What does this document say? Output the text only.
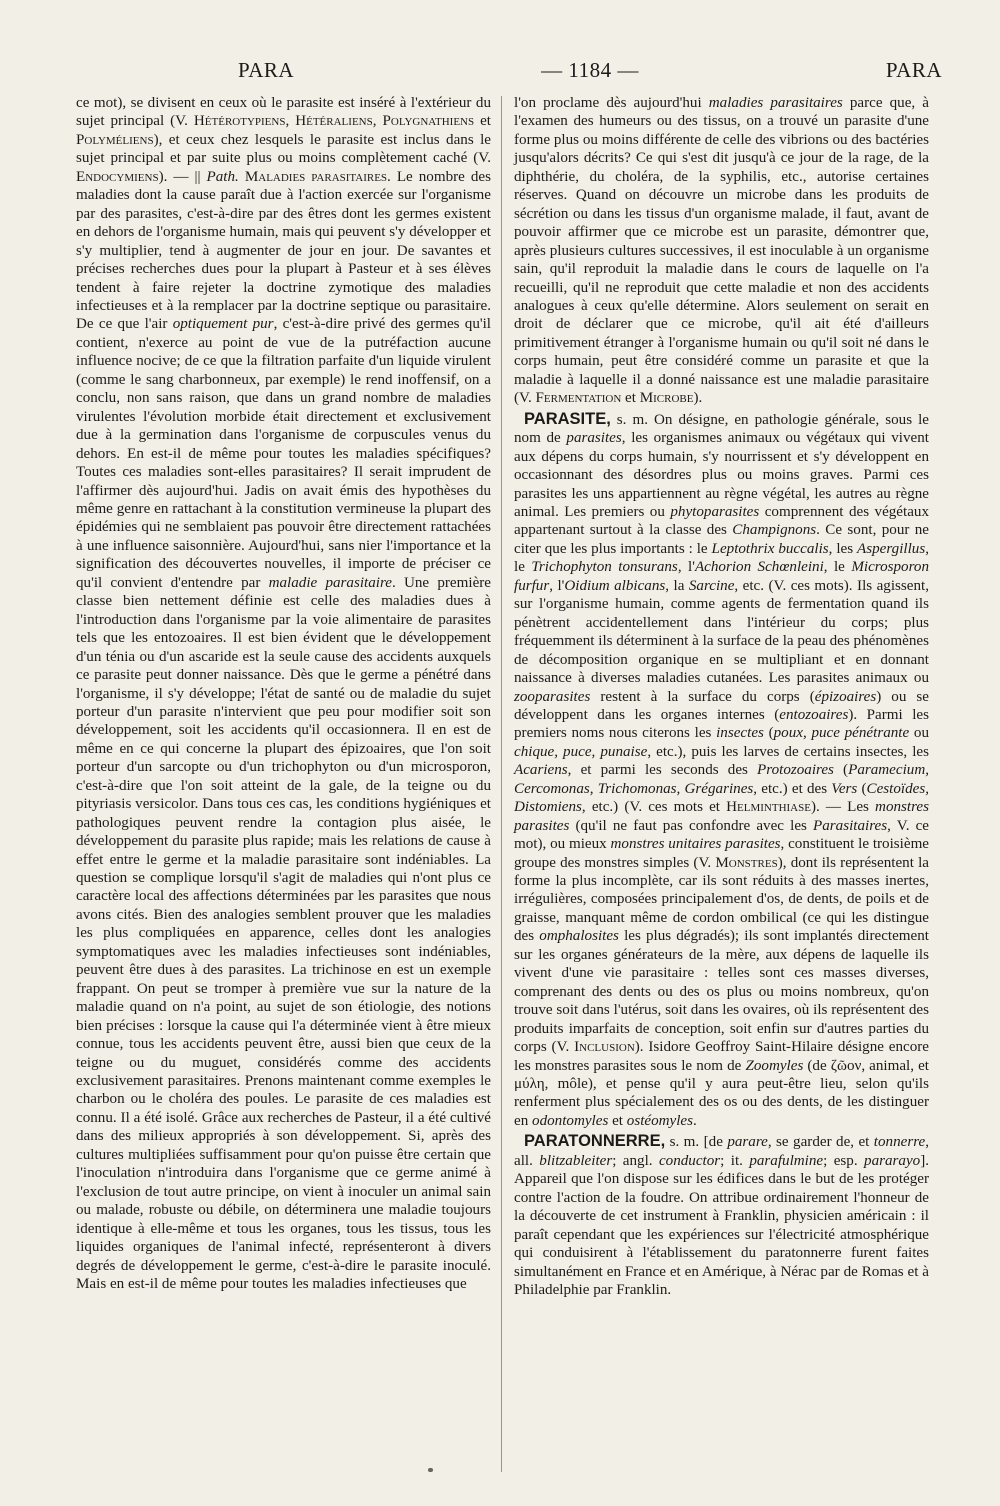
PARA	— 1184 —	PARA

ce mot), se divisent en ceux où le parasite est inséré à l'extérieur du sujet principal (V. Hétérotypiens, Hétéraliens, Polygnathiens et Polyméliens), et ceux chez lesquels le parasite est inclus dans le sujet principal et par suite plus ou moins complètement caché (V. Endocymiens). — || Path. Maladies parasitaires. Le nombre des maladies dont la cause paraît due à l'action exercée sur l'organisme par des parasites, c'est-à-dire par des êtres dont les germes existent en dehors de l'organisme humain, mais qui peuvent s'y développer et s'y multiplier, tend à augmenter de jour en jour. De savantes et précises recherches dues pour la plupart à Pasteur et à ses élèves tendent à faire rejeter la doctrine zymotique des maladies infectieuses et à la remplacer par la doctrine septique ou parasitaire. De ce que l'air optiquement pur, c'est-à-dire privé des germes qu'il contient, n'exerce au point de vue de la putréfaction aucune influence nocive; de ce que la filtration parfaite d'un liquide virulent (comme le sang charbonneux, par exemple) le rend inoffensif, on a conclu, non sans raison, que dans un grand nombre de maladies virulentes l'évolution morbide était directement et exclusivement due à la germination dans l'organisme de corpuscules venus du dehors. En est-il de même pour toutes les maladies spécifiques? Toutes ces maladies sont-elles parasitaires? Il serait imprudent de l'affirmer dès aujourd'hui. Jadis on avait émis des hypothèses du même genre en rattachant à la constitution vermineuse la plupart des épidémies qui ne semblaient pas pouvoir être directement rattachées à une influence saisonnière. Aujourd'hui, sans nier l'importance et la signification des découvertes nouvelles, il importe de préciser ce qu'il convient d'entendre par maladie parasitaire. Une première classe bien nettement définie est celle des maladies dues à l'introduction dans l'organisme par la voie alimentaire de parasites tels que les entozoaires. Il est bien évident que le développement d'un ténia ou d'un ascaride est la seule cause des accidents auxquels ce parasite peut donner naissance. Dès que le germe a pénétré dans l'organisme, il s'y développe; l'état de santé ou de maladie du sujet porteur d'un parasite n'intervient que peu pour modifier soit son développement, soit les accidents qu'il occasionnera. Il en est de même en ce qui concerne la plupart des épizoaires, que l'on soit porteur d'un sarcopte ou d'un trichophyton ou d'un microsporon, c'est-à-dire que l'on soit atteint de la gale, de la teigne ou du pityriasis versicolor. Dans tous ces cas, les conditions hygiéniques et pathologiques peuvent rendre la contagion plus aisée, le développement du parasite plus rapide; mais les relations de cause à effet entre le germe et la maladie parasitaire sont indéniables. La question se complique lorsqu'il s'agit de maladies qui n'ont plus ce caractère local des affections déterminées par les parasites que nous avons cités. Bien des analogies semblent prouver que les maladies les plus compliquées en apparence, celles dont les analogies symptomatiques avec les maladies infectieuses sont indéniables, peuvent être dues à des parasites. La trichinose en est un exemple frappant. On peut se tromper à première vue sur la nature de la maladie quand on n'a point, au sujet de son étiologie, des notions bien précises : lorsque la cause qui l'a déterminée vient à être mieux connue, tous les accidents peuvent être, aussi bien que ceux de la teigne ou du muguet, considérés comme des accidents exclusivement parasitaires. Prenons maintenant comme exemples le charbon ou le choléra des poules. Le parasite de ces maladies est connu. Il a été isolé. Grâce aux recherches de Pasteur, il a été cultivé dans des milieux appropriés à son développement. Si, après des cultures multipliées suffisamment pour qu'on puisse être certain que l'inoculation n'introduira dans l'organisme que ce germe animé à l'exclusion de tout autre principe, on vient à inoculer un animal sain ou malade, robuste ou débile, on déterminera une maladie toujours identique à elle-même et tous les organes, tous les tissus, tous les liquides organiques de l'animal infecté, représenteront à divers degrés de développement le germe, c'est-à-dire le parasite inoculé. Mais en est-il de même pour toutes les maladies infectieuses que

l'on proclame dès aujourd'hui maladies parasitaires parce que, à l'examen des humeurs ou des tissus, on a trouvé un parasite d'une forme plus ou moins différente de celle des vibrions ou des bactéries jusqu'alors décrits? Ce qui s'est dit jusqu'à ce jour de la rage, de la diphthérie, du choléra, de la syphilis, etc., autorise certaines réserves. Quand on découvre un microbe dans les produits de sécrétion ou dans les tissus d'un organisme malade, il faut, avant de pouvoir affirmer que ce microbe est un parasite, démontrer que, après plusieurs cultures successives, il est inoculable à un organisme sain, qu'il reproduit la maladie dans le cours de laquelle on l'a recueilli, qu'il ne reproduit que cette maladie et non des accidents analogues à ceux qu'elle détermine. Alors seulement on serait en droit de déclarer que ce microbe, qu'il ait été d'ailleurs primitivement étranger à l'organisme humain ou qu'il soit né dans le corps humain, peut être considéré comme un parasite et que la maladie à laquelle il a donné naissance est une maladie parasitaire (V. Fermentation et Microbe).

PARASITE, s. m. On désigne, en pathologie générale, sous le nom de parasites, les organismes animaux ou végétaux qui vivent aux dépens du corps humain, s'y nourrissent et s'y développent en occasionnant des désordres plus ou moins graves. Parmi ces parasites les uns appartiennent au règne végétal, les autres au règne animal. Les premiers ou phytoparasites comprennent des végétaux appartenant surtout à la classe des Champignons. Ce sont, pour ne citer que les plus importants : le Leptothrix buccalis, les Aspergillus, le Trichophyton tonsurans, l'Achorion Schœnleini, le Microsporon furfur, l'Oidium albicans, la Sarcine, etc. (V. ces mots). Ils agissent, sur l'organisme humain, comme agents de fermentation quand ils pénètrent accidentellement dans l'intérieur du corps; plus fréquemment ils déterminent à la surface de la peau des phénomènes de décomposition organique en se multipliant et en donnant naissance à diverses maladies cutanées. Les parasites animaux ou zooparasites restent à la surface du corps (épizoaires) ou se développent dans les organes internes (entozoaires). Parmi les premiers noms nous citerons les insectes (poux, puce pénétrante ou chique, puce, punaise, etc.), puis les larves de certains insectes, les Acariens, et parmi les seconds des Protozoaires (Paramecium, Cercomonas, Trichomonas, Grégarines, etc.) et des Vers (Cestoïdes, Distomiens, etc.) (V. ces mots et Helminthiase). — Les monstres parasites (qu'il ne faut pas confondre avec les Parasitaires, V. ce mot), ou mieux monstres unitaires parasites, constituent le troisième groupe des monstres simples (V. Monstres), dont ils représentent la forme la plus incomplète, car ils sont réduits à des masses inertes, irrégulières, composées principalement d'os, de dents, de poils et de graisse, manquant même de cordon ombilical (ce qui les distingue des omphalosites les plus dégradés); ils sont implantés directement sur les organes générateurs de la mère, aux dépens de laquelle ils vivent d'une vie parasitaire : telles sont ces masses diverses, comprenant des dents ou des os plus ou moins nombreux, qu'on trouve soit dans l'utérus, soit dans les ovaires, où ils représentent des produits imparfaits de conception, soit enfin sur d'autres parties du corps (V. Inclusion). Isidore Geoffroy Saint-Hilaire désigne encore les monstres parasites sous le nom de Zoomyles (de ζῶον, animal, et μύλη, môle), et pense qu'il y aura peut-être lieu, selon qu'ils renferment plus spécialement des os ou des dents, de les distinguer en odontomyles et ostéomyles.

PARATONNERRE, s. m. [de parare, se garder de, et tonnerre, all. blitzableiter; angl. conductor; it. parafulmine; esp. pararayo]. Appareil que l'on dispose sur les édifices dans le but de les protéger contre l'action de la foudre. On attribue ordinairement l'honneur de la découverte de cet instrument à Franklin, physicien américain : il paraît cependant que les expériences sur l'électricité atmosphérique qui conduisirent à l'établissement du paratonnerre furent faites simultanément en France et en Amérique, à Nérac par de Romas et à Philadelphie par Franklin.
